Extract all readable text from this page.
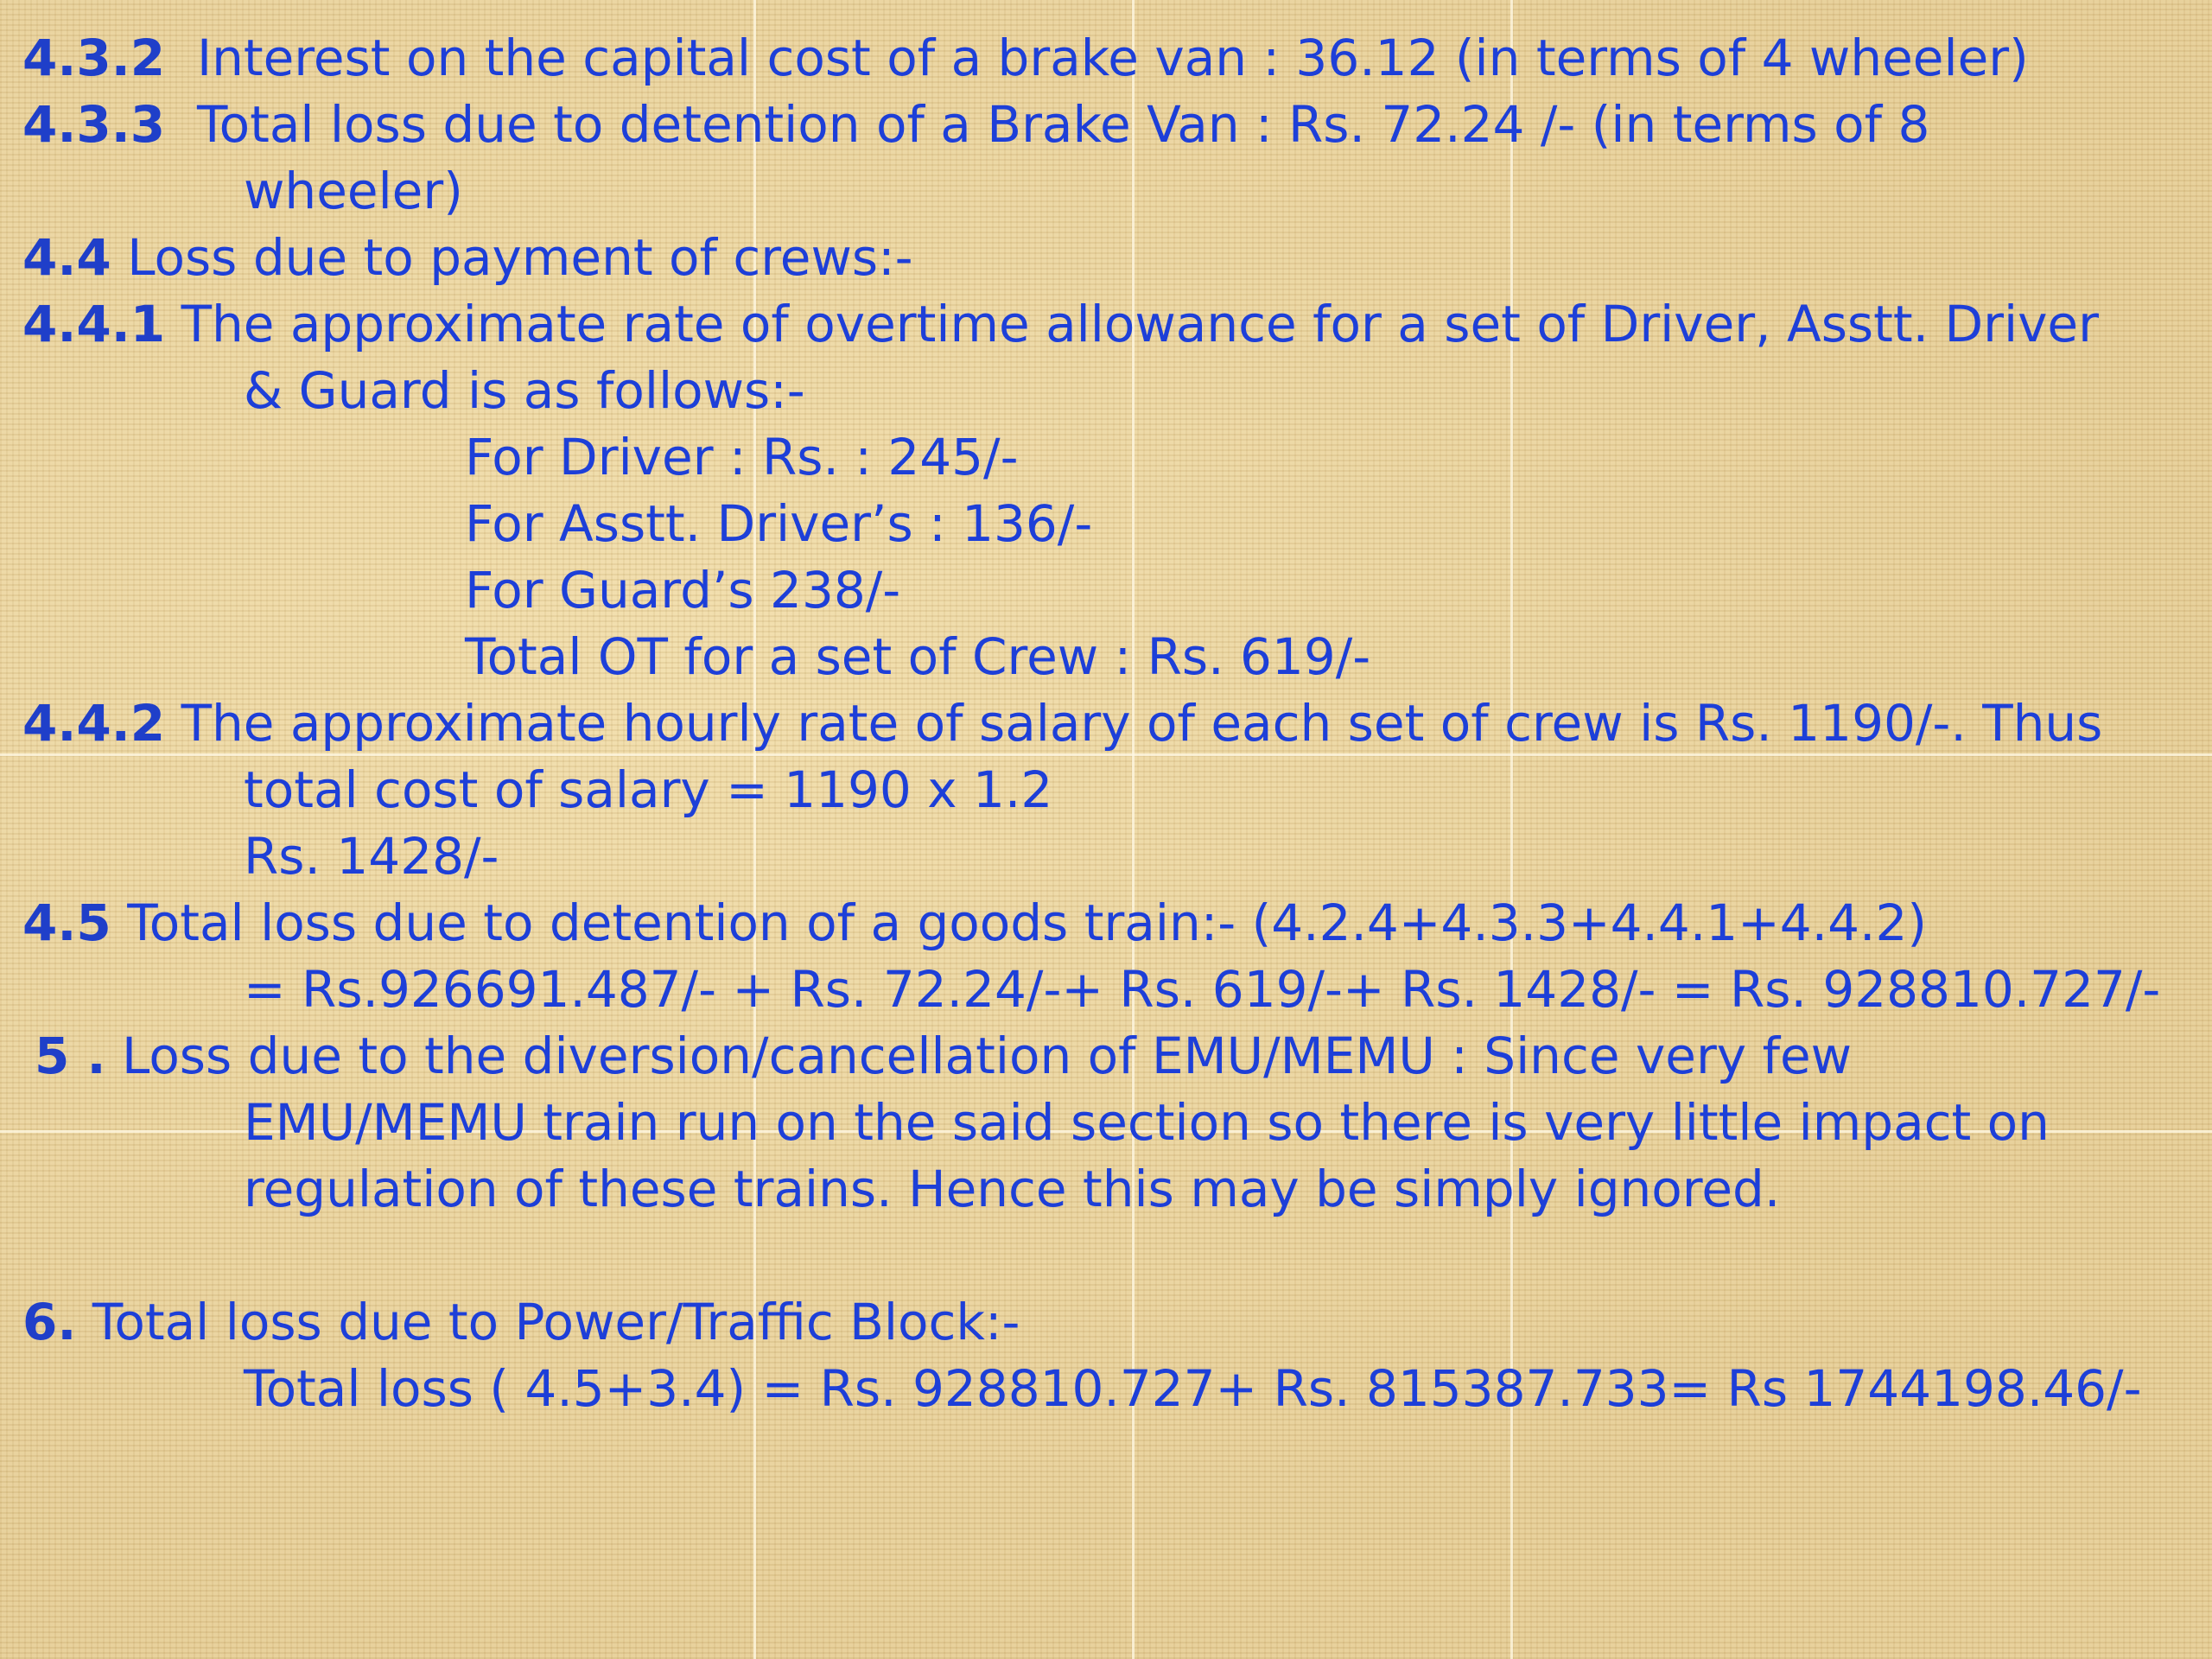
4.3.2 Interest on the capital cost of a brake van : 36.12 (in terms of 4 wheeler)
4.3.3 Total loss due to detention of a Brake Van : Rs. 72.24 /- (in terms of 8
wheeler)
4.4 Loss due to payment of crews:-
4.4.1 The approximate rate of overtime allowance for a set of Driver, Asstt. Driver
& Guard is as follows:-
For Driver : Rs. : 245/-
For Asstt. Driver’s : 136/-
For Guard’s 238/-
Total OT for a set of Crew : Rs. 619/-
4.4.2 The approximate hourly rate of salary of each set of crew is Rs. 1190/-. Thus
total cost of salary = 1190 x 1.2
Rs. 1428/-
4.5 Total loss due to detention of a goods train:- (4.2.4+4.3.3+4.4.1+4.4.2)
= Rs.926691.487/- + Rs. 72.24/-+ Rs. 619/-+ Rs. 1428/- = Rs. 928810.727/-
5 . Loss due to the diversion/cancellation of EMU/MEMU : Since very few
EMU/MEMU train run on the said section so there is very little impact on
regulation of these trains. Hence this may be simply ignored.
6. Total loss due to Power/Traffic Block:-
Total loss ( 4.5+3.4) = Rs. 928810.727+ Rs. 815387.733= Rs 1744198.46/-
